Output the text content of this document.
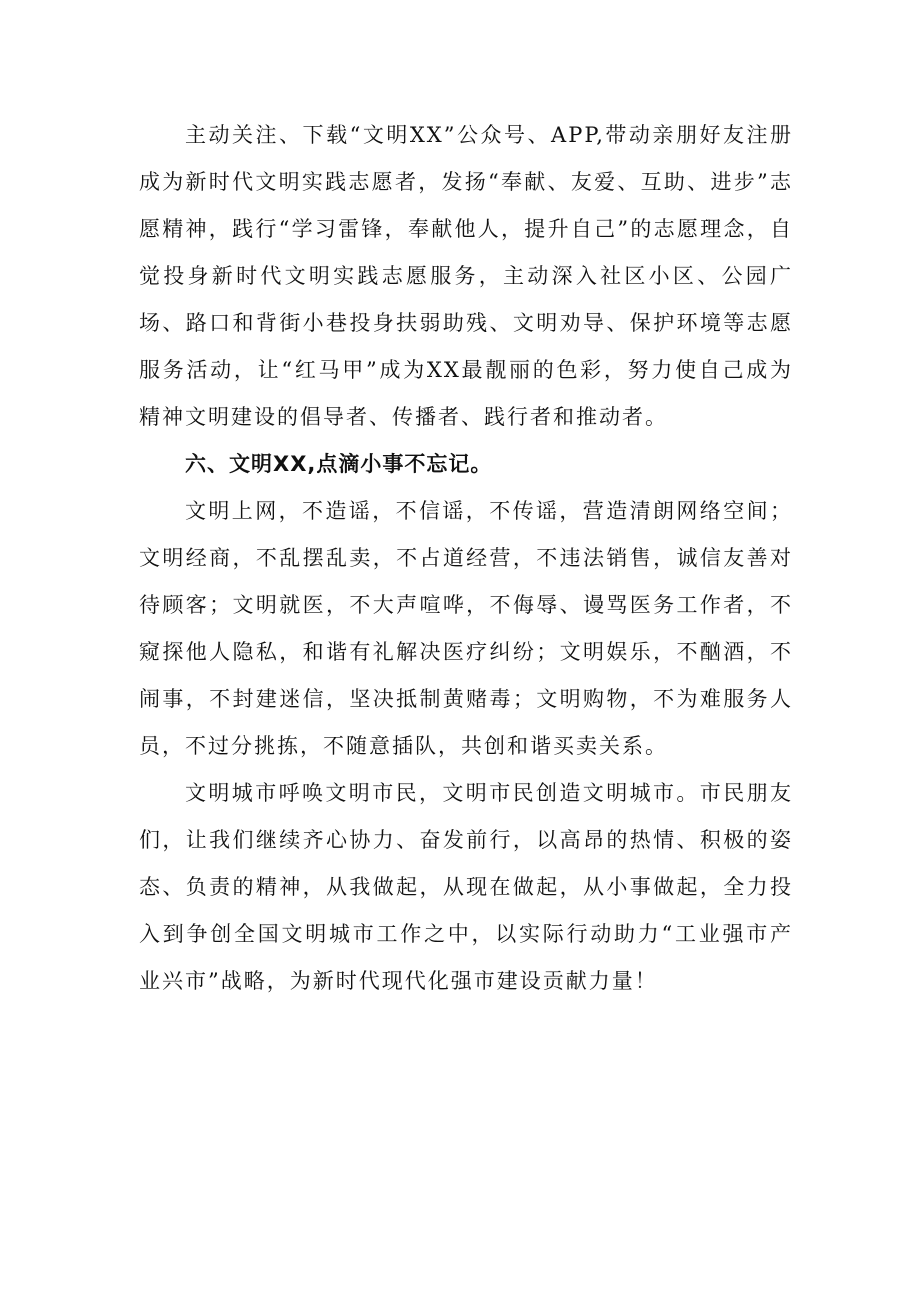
主动关注、下载“文明XX”公众号、APP,带动亲朋好友注册成为新时代文明实践志愿者，发扬“奉献、友爱、互助、进步”志愿精神，践行“学习雷锋，奉献他人，提升自己”的志愿理念，自觉投身新时代文明实践志愿服务，主动深入社区小区、公园广场、路口和背街小巷投身扶弱助残、文明劝导、保护环境等志愿服务活动，让“红马甲”成为XX最靓丽的色彩，努力使自己成为精神文明建设的倡导者、传播者、践行者和推动者。

六、文明XX,点滴小事不忘记。

文明上网，不造谣，不信谣，不传谣，营造清朗网络空间；文明经商，不乱摆乱卖，不占道经营，不违法销售，诚信友善对待顾客；文明就医，不大声喧哗，不侮辱、谩骂医务工作者，不窥探他人隐私，和谐有礼解决医疗纠纷；文明娱乐，不酗酒，不闹事，不封建迷信，坚决抵制黄赌毒；文明购物，不为难服务人员，不过分挑拣，不随意插队，共创和谐买卖关系。

文明城市呼唤文明市民，文明市民创造文明城市。市民朋友们，让我们继续齐心协力、奋发前行，以高昂的热情、积极的姿态、负责的精神，从我做起，从现在做起，从小事做起，全力投入到争创全国文明城市工作之中，以实际行动助力“工业强市产业兴市”战略，为新时代现代化强市建设贡献力量！
